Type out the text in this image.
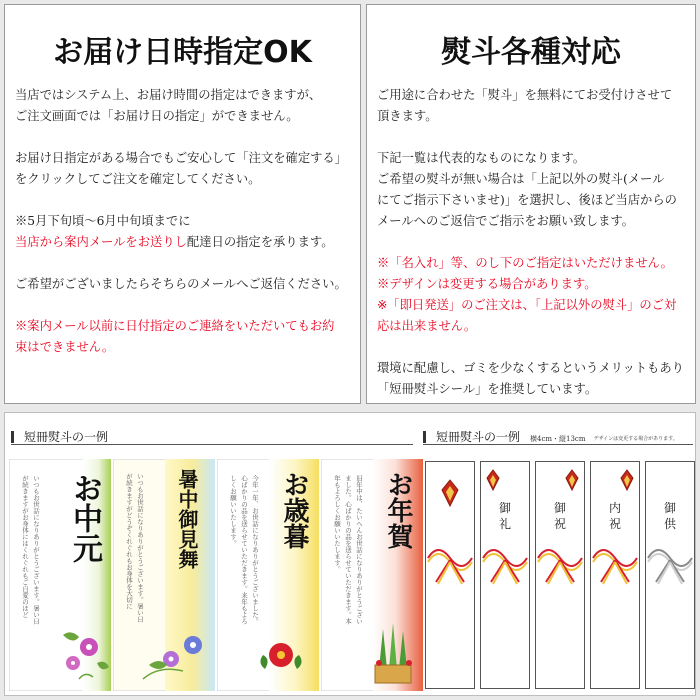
お届け日時指定OK

当店ではシステム上、お届け時間の指定はできますが、
ご注文画面では「お届け日の指定」ができません。

お届け日指定がある場合でもご安心して「注文を確定する」
をクリックしてご注文を確定してください。

※5月下旬頃〜6月中旬頃までに
当店から案内メールをお送りし配達日の指定を承ります。

ご希望がございましたらそちらのメールへご返信ください。

※案内メール以前に日付指定のご連絡をいただいてもお約
束はできません。

熨斗各種対応

ご用途に合わせた「熨斗」を無料にてお受付けさせて
頂きます。

下記一覧は代表的なものになります。
ご希望の熨斗が無い場合は「上記以外の熨斗(メール
にてご指示下さいませ)」を選択し、後ほど当店からの
メールへのご返信でご指示をお願い致します。

※「名入れ」等、のし下のご指定はいただけません。
※デザインは変更する場合があります。
※「即日発送」のご注文は、「上記以外の熨斗」のご対
応は出来ません。

環境に配慮し、ゴミを少なくするというメリットもあり
「短冊熨斗シール」を推奨しています。

短冊熨斗の一例	短冊熨斗の一例 横4cm・縦13cm デザインは変更する場合があります。
お中元
いつもお世話になりありがとうございます。暑い日が続きますがお身体にはくれぐれもご自愛のほど	暑中御見舞
いつもお世話になりありがとうございます。暑い日が続きますがどうぞくれぐれもお身体を大切に	お歳暮
今年一年、お世話になりありがとうございました。心ばかりの品を送らせていただきます。来年もよろしくお願いいたします。	お年賀
旧年中は、たいへんお世話になりありがとうございました。心ばかりの品を送らせていただきます。本年もよろしくお願いいたします。	御
礼
御
祝
内
祝
御
供
